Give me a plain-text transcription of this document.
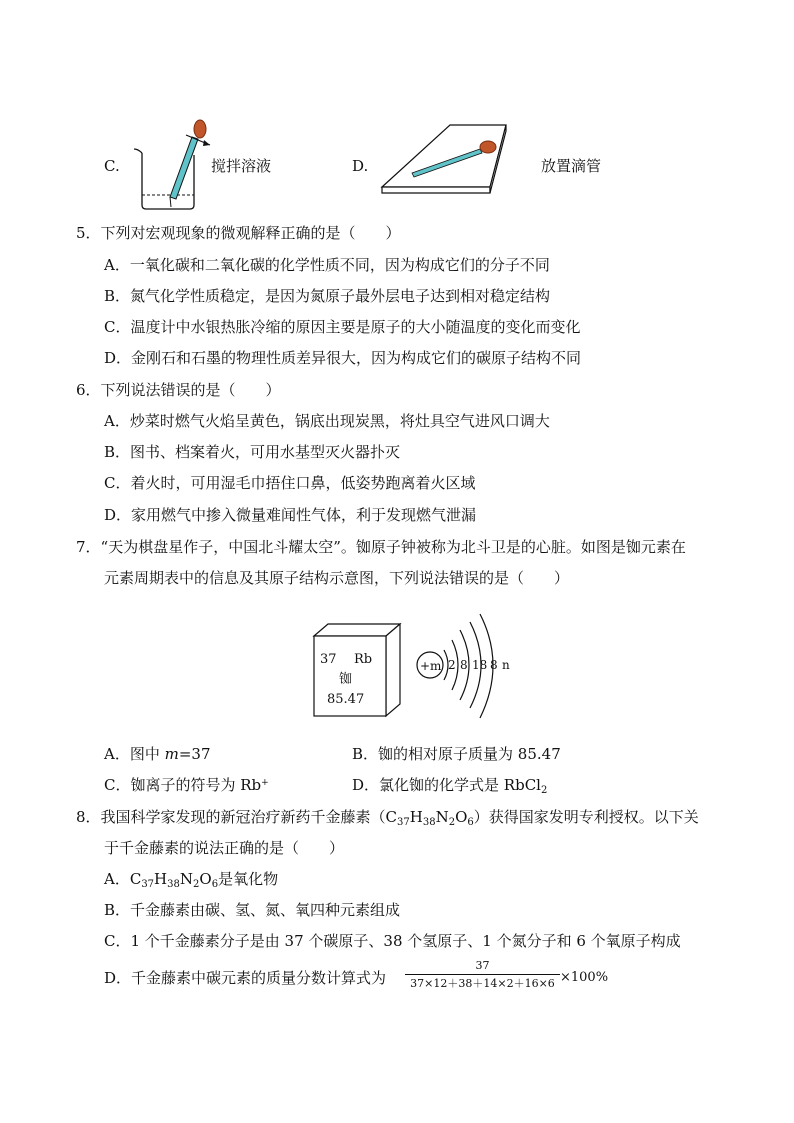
C.	搅拌溶液	D.	放置滴管
5．下列对宏观现象的微观解释正确的是（　　）
A．一氧化碳和二氧化碳的化学性质不同，因为构成它们的分子不同
B．氮气化学性质稳定，是因为氮原子最外层电子达到相对稳定结构
C．温度计中水银热胀冷缩的原因主要是原子的大小随温度的变化而变化
D．金刚石和石墨的物理性质差异很大，因为构成它们的碳原子结构不同
6．下列说法错误的是（　　）
A．炒菜时燃气火焰呈黄色，锅底出现炭黑，将灶具空气进风口调大
B．图书、档案着火，可用水基型灭火器扑灭
C．着火时，可用湿毛巾捂住口鼻，低姿势跑离着火区域
D．家用燃气中掺入微量难闻性气体，利于发现燃气泄漏
7．“天为棋盘星作子，中国北斗耀太空”。铷原子钟被称为北斗卫是的心脏。如图是铷元素在
元素周期表中的信息及其原子结构示意图，下列说法错误的是（　　）
37 Rb
铷
85.47
+m 2 8 18 8 n
A．图中 m=37	B．铷的相对原子质量为 85.47
C．铷离子的符号为 Rb+	D．氯化铷的化学式是 RbCl$_2$
8．我国科学家发现的新冠治疗新药千金藤素$(C_{37}H_{38}N_2O_6)$获得国家发明专利授权。以下关
于千金藤素的说法正确的是（　　）
A．$C_{37}H_{38}N_2O_6$是氧化物
B．千金藤素由碳、氢、氮、氧四种元素组成
C．1 个千金藤素分子是由 37 个碳原子、38 个氢原子、1 个氮分子和 6 个氧原子构成
D．千金藤素中碳元素的质量分数计算式为
37
37×12＋38＋14×2＋16×6 ×100%
